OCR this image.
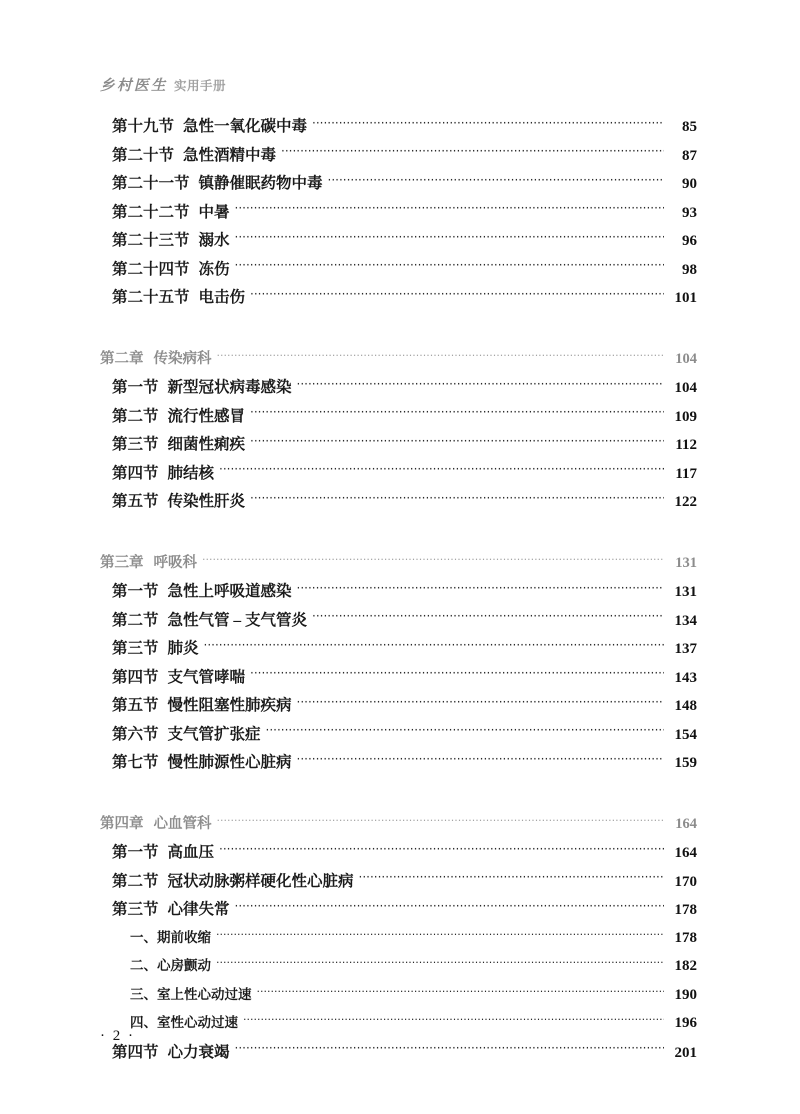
乡村医生 实用手册
第十九节 急性一氧化碳中毒 ·····	85
第二十节 急性酒精中毒 ·····	87
第二十一节 镇静催眠药物中毒 ·····	90
第二十二节 中暑 ·····	93
第二十三节 溺水 ·····	96
第二十四节 冻伤 ·····	98
第二十五节 电击伤 ·····	101
第二章 传染病科 ·····	104
第一节 新型冠状病毒感染 ·····	104
第二节 流行性感冒 ·····	109
第三节 细菌性痢疾 ·····	112
第四节 肺结核 ·····	117
第五节 传染性肝炎 ·····	122
第三章 呼吸科 ·····	131
第一节 急性上呼吸道感染 ·····	131
第二节 急性气管 – 支气管炎 ·····	134
第三节 肺炎 ·····	137
第四节 支气管哮喘 ·····	143
第五节 慢性阻塞性肺疾病 ·····	148
第六节 支气管扩张症 ·····	154
第七节 慢性肺源性心脏病 ·····	159
第四章 心血管科 ·····	164
第一节 高血压 ·····	164
第二节 冠状动脉粥样硬化性心脏病 ·····	170
第三节 心律失常 ·····	178
一、期前收缩 ·····	178
二、心房颤动 ·····	182
三、室上性心动过速 ·····	190
四、室性心动过速 ·····	196
第四节 心力衰竭 ·····	201
· 2 ·
